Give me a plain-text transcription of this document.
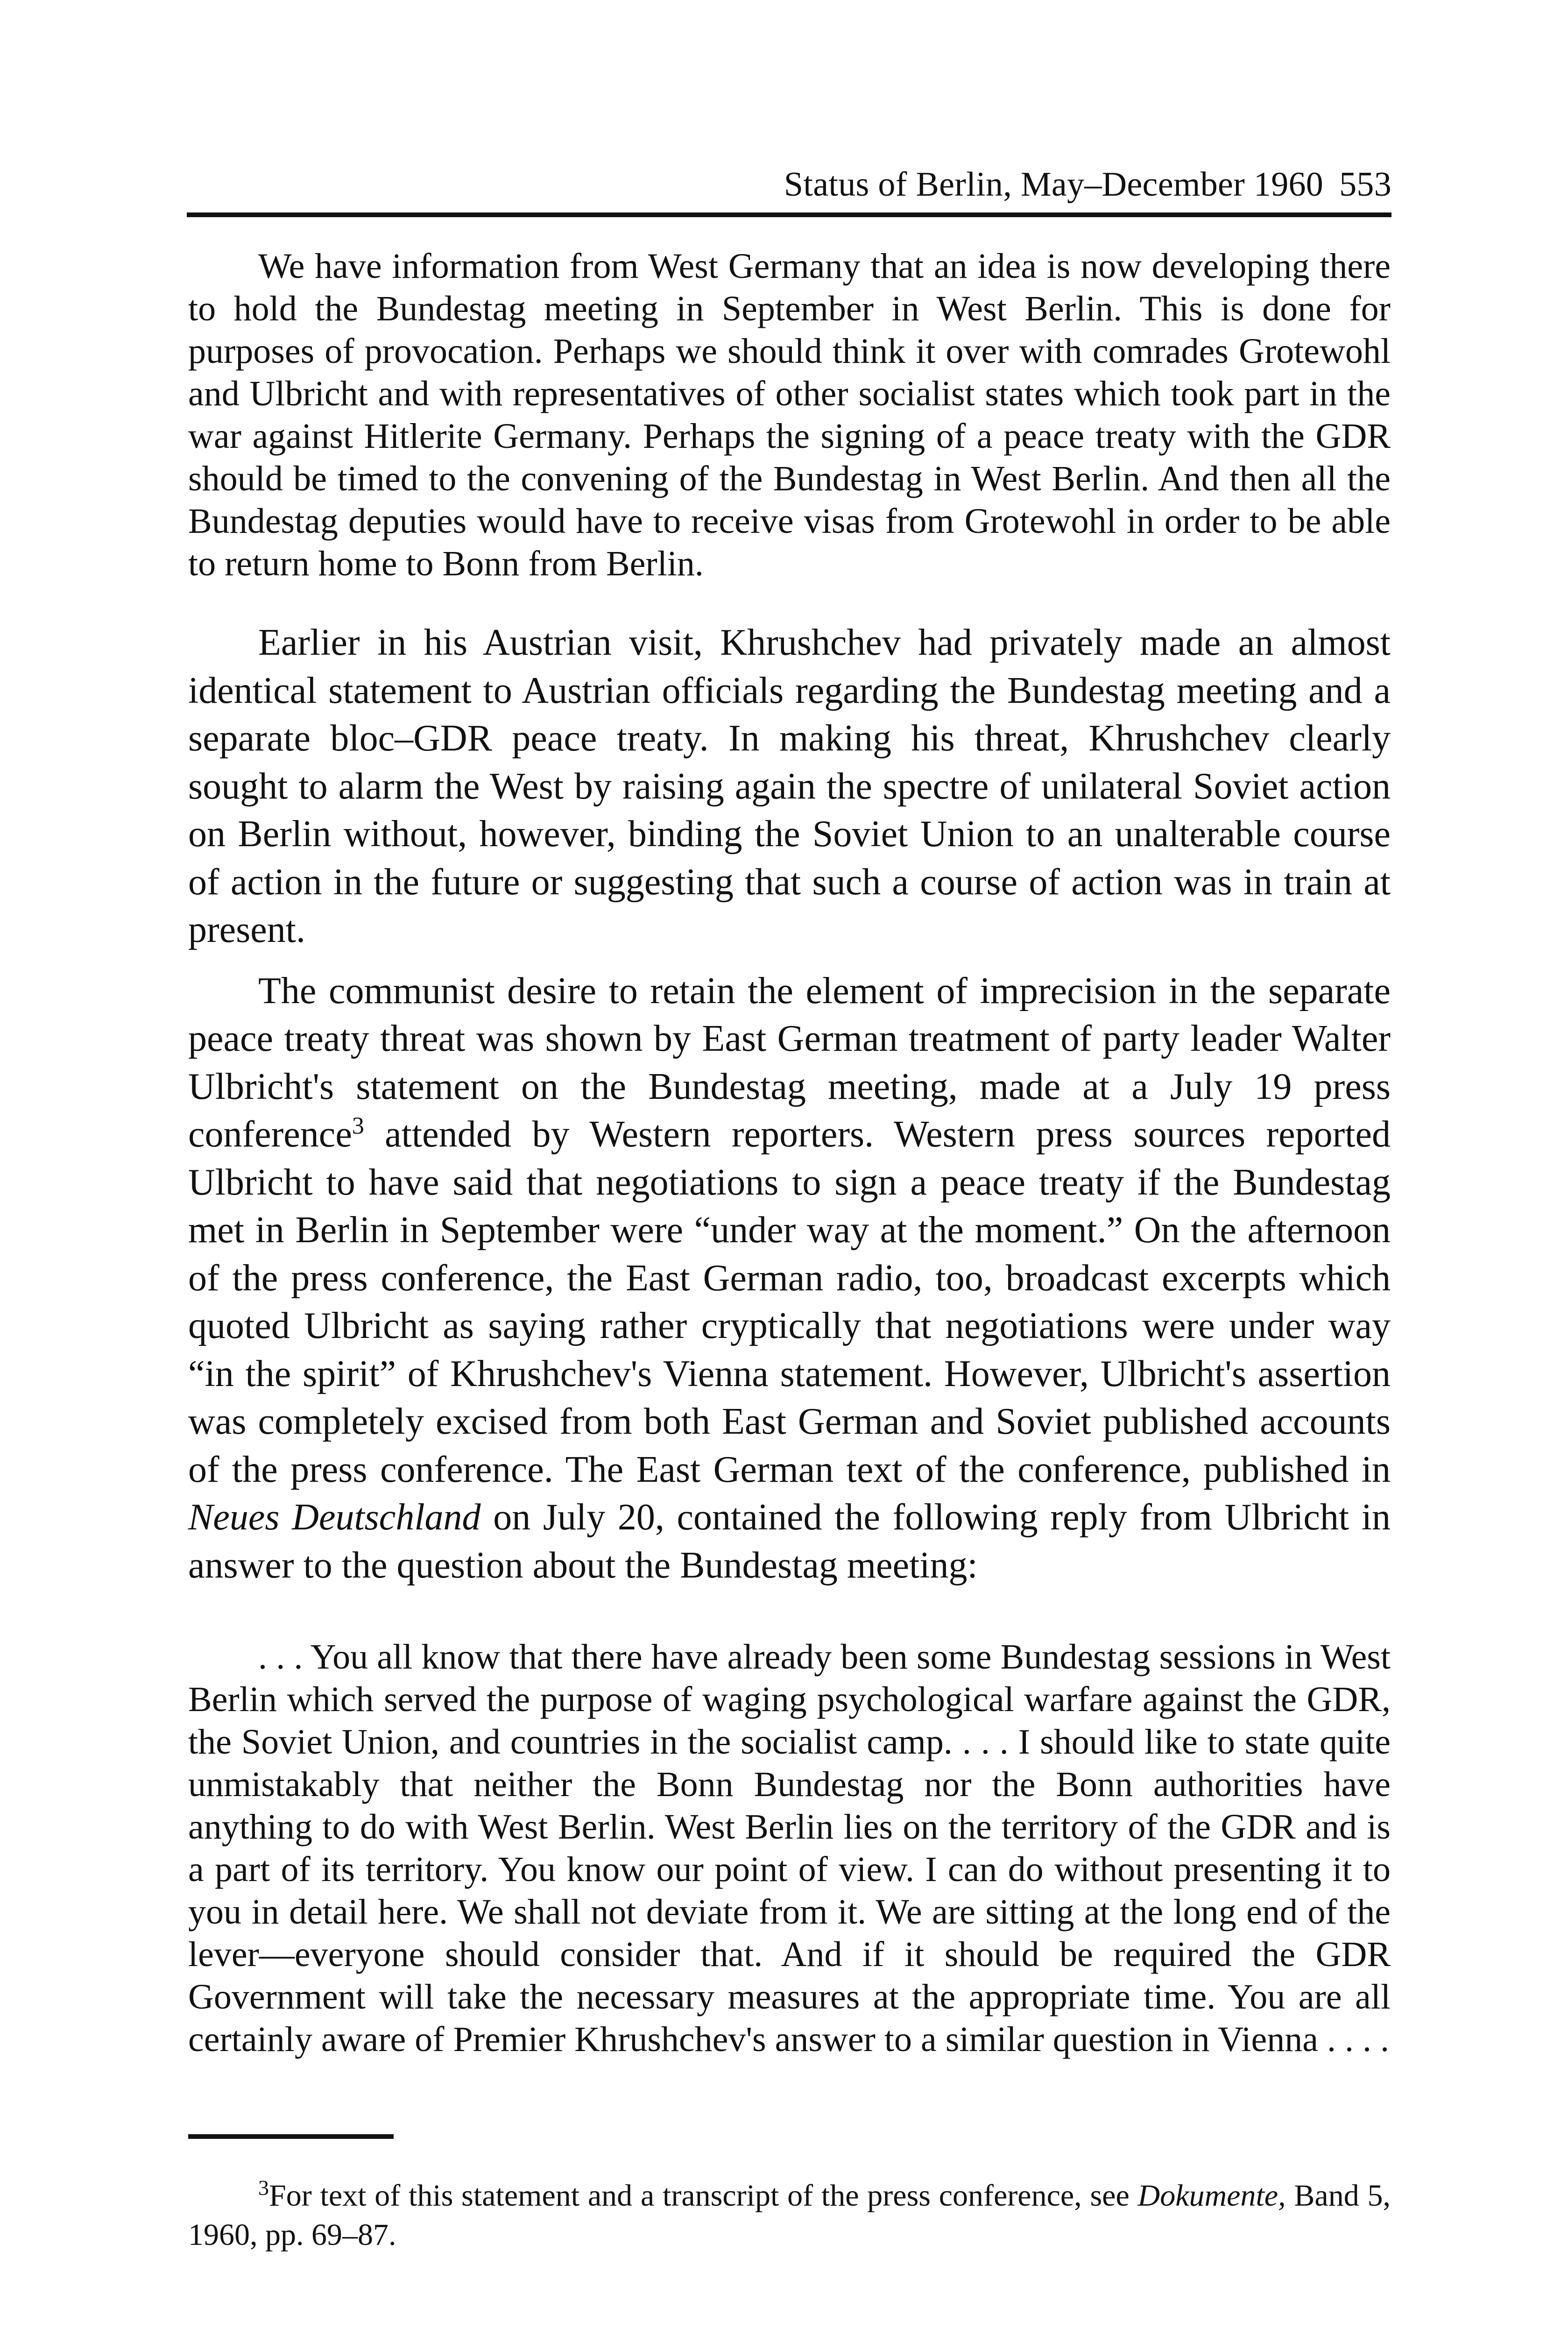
Status of Berlin, May–December 1960 553

We have information from West Germany that an idea is now developing there to hold the Bundestag meeting in September in West Berlin. This is done for purposes of provocation. Perhaps we should think it over with comrades Grotewohl and Ulbricht and with representatives of other socialist states which took part in the war against Hitlerite Germany. Perhaps the signing of a peace treaty with the GDR should be timed to the convening of the Bundestag in West Berlin. And then all the Bundestag deputies would have to receive visas from Grotewohl in order to be able to return home to Bonn from Berlin.

Earlier in his Austrian visit, Khrushchev had privately made an almost identical statement to Austrian officials regarding the Bundestag meeting and a separate bloc–GDR peace treaty. In making his threat, Khrushchev clearly sought to alarm the West by raising again the spectre of unilateral Soviet action on Berlin without, however, binding the Soviet Union to an unalterable course of action in the future or suggesting that such a course of action was in train at present.

The communist desire to retain the element of imprecision in the separate peace treaty threat was shown by East German treatment of party leader Walter Ulbricht's statement on the Bundestag meeting, made at a July 19 press conference$^3$ attended by Western reporters. Western press sources reported Ulbricht to have said that negotiations to sign a peace treaty if the Bundestag met in Berlin in September were “under way at the moment.” On the afternoon of the press conference, the East German radio, too, broadcast excerpts which quoted Ulbricht as saying rather cryptically that negotiations were under way “in the spirit” of Khrushchev's Vienna statement. However, Ulbricht's assertion was completely excised from both East German and Soviet published accounts of the press conference. The East German text of the conference, published in Neues Deutschland on July 20, contained the following reply from Ulbricht in answer to the question about the Bundestag meeting:

. . . You all know that there have already been some Bundestag sessions in West Berlin which served the purpose of waging psychological warfare against the GDR, the Soviet Union, and countries in the socialist camp. . . . I should like to state quite unmistakably that neither the Bonn Bundestag nor the Bonn authorities have anything to do with West Berlin. West Berlin lies on the territory of the GDR and is a part of its territory. You know our point of view. I can do without presenting it to you in detail here. We shall not deviate from it. We are sitting at the long end of the lever—everyone should consider that. And if it should be required the GDR Government will take the necessary measures at the appropriate time. You are all certainly aware of Premier Khrushchev's answer to a similar question in Vienna . . . .

$^3$For text of this statement and a transcript of the press conference, see Dokumente, Band 5, 1960, pp. 69–87.
